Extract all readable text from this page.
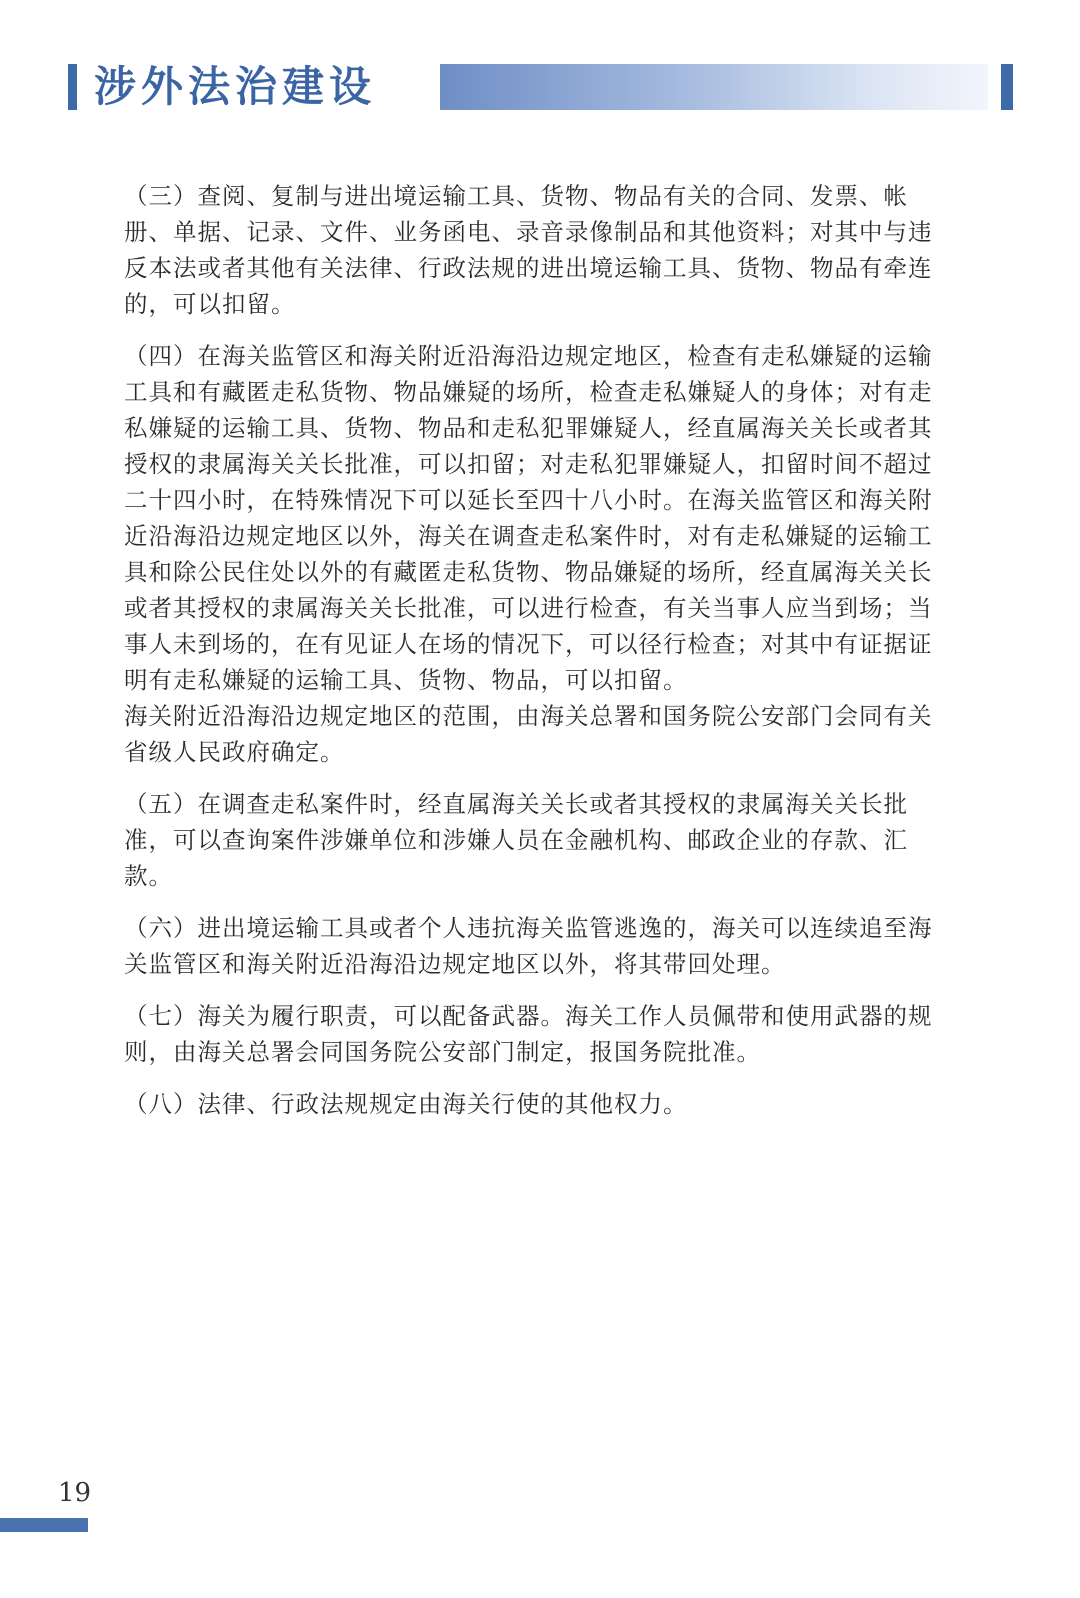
涉外法治建设

（三）查阅、复制与进出境运输工具、货物、物品有关的合同、发票、帐册、单据、记录、文件、业务函电、录音录像制品和其他资料；对其中与违反本法或者其他有关法律、行政法规的进出境运输工具、货物、物品有牵连的，可以扣留。

（四）在海关监管区和海关附近沿海沿边规定地区，检查有走私嫌疑的运输工具和有藏匿走私货物、物品嫌疑的场所，检查走私嫌疑人的身体；对有走私嫌疑的运输工具、货物、物品和走私犯罪嫌疑人，经直属海关关长或者其授权的隶属海关关长批准，可以扣留；对走私犯罪嫌疑人，扣留时间不超过二十四小时，在特殊情况下可以延长至四十八小时。在海关监管区和海关附近沿海沿边规定地区以外，海关在调查走私案件时，对有走私嫌疑的运输工具和除公民住处以外的有藏匿走私货物、物品嫌疑的场所，经直属海关关长或者其授权的隶属海关关长批准，可以进行检查，有关当事人应当到场；当事人未到场的，在有见证人在场的情况下，可以径行检查；对其中有证据证明有走私嫌疑的运输工具、货物、物品，可以扣留。

海关附近沿海沿边规定地区的范围，由海关总署和国务院公安部门会同有关省级人民政府确定。

（五）在调查走私案件时，经直属海关关长或者其授权的隶属海关关长批准，可以查询案件涉嫌单位和涉嫌人员在金融机构、邮政企业的存款、汇款。

（六）进出境运输工具或者个人违抗海关监管逃逸的，海关可以连续追至海关监管区和海关附近沿海沿边规定地区以外，将其带回处理。

（七）海关为履行职责，可以配备武器。海关工作人员佩带和使用武器的规则，由海关总署会同国务院公安部门制定，报国务院批准。

（八）法律、行政法规规定由海关行使的其他权力。

19
